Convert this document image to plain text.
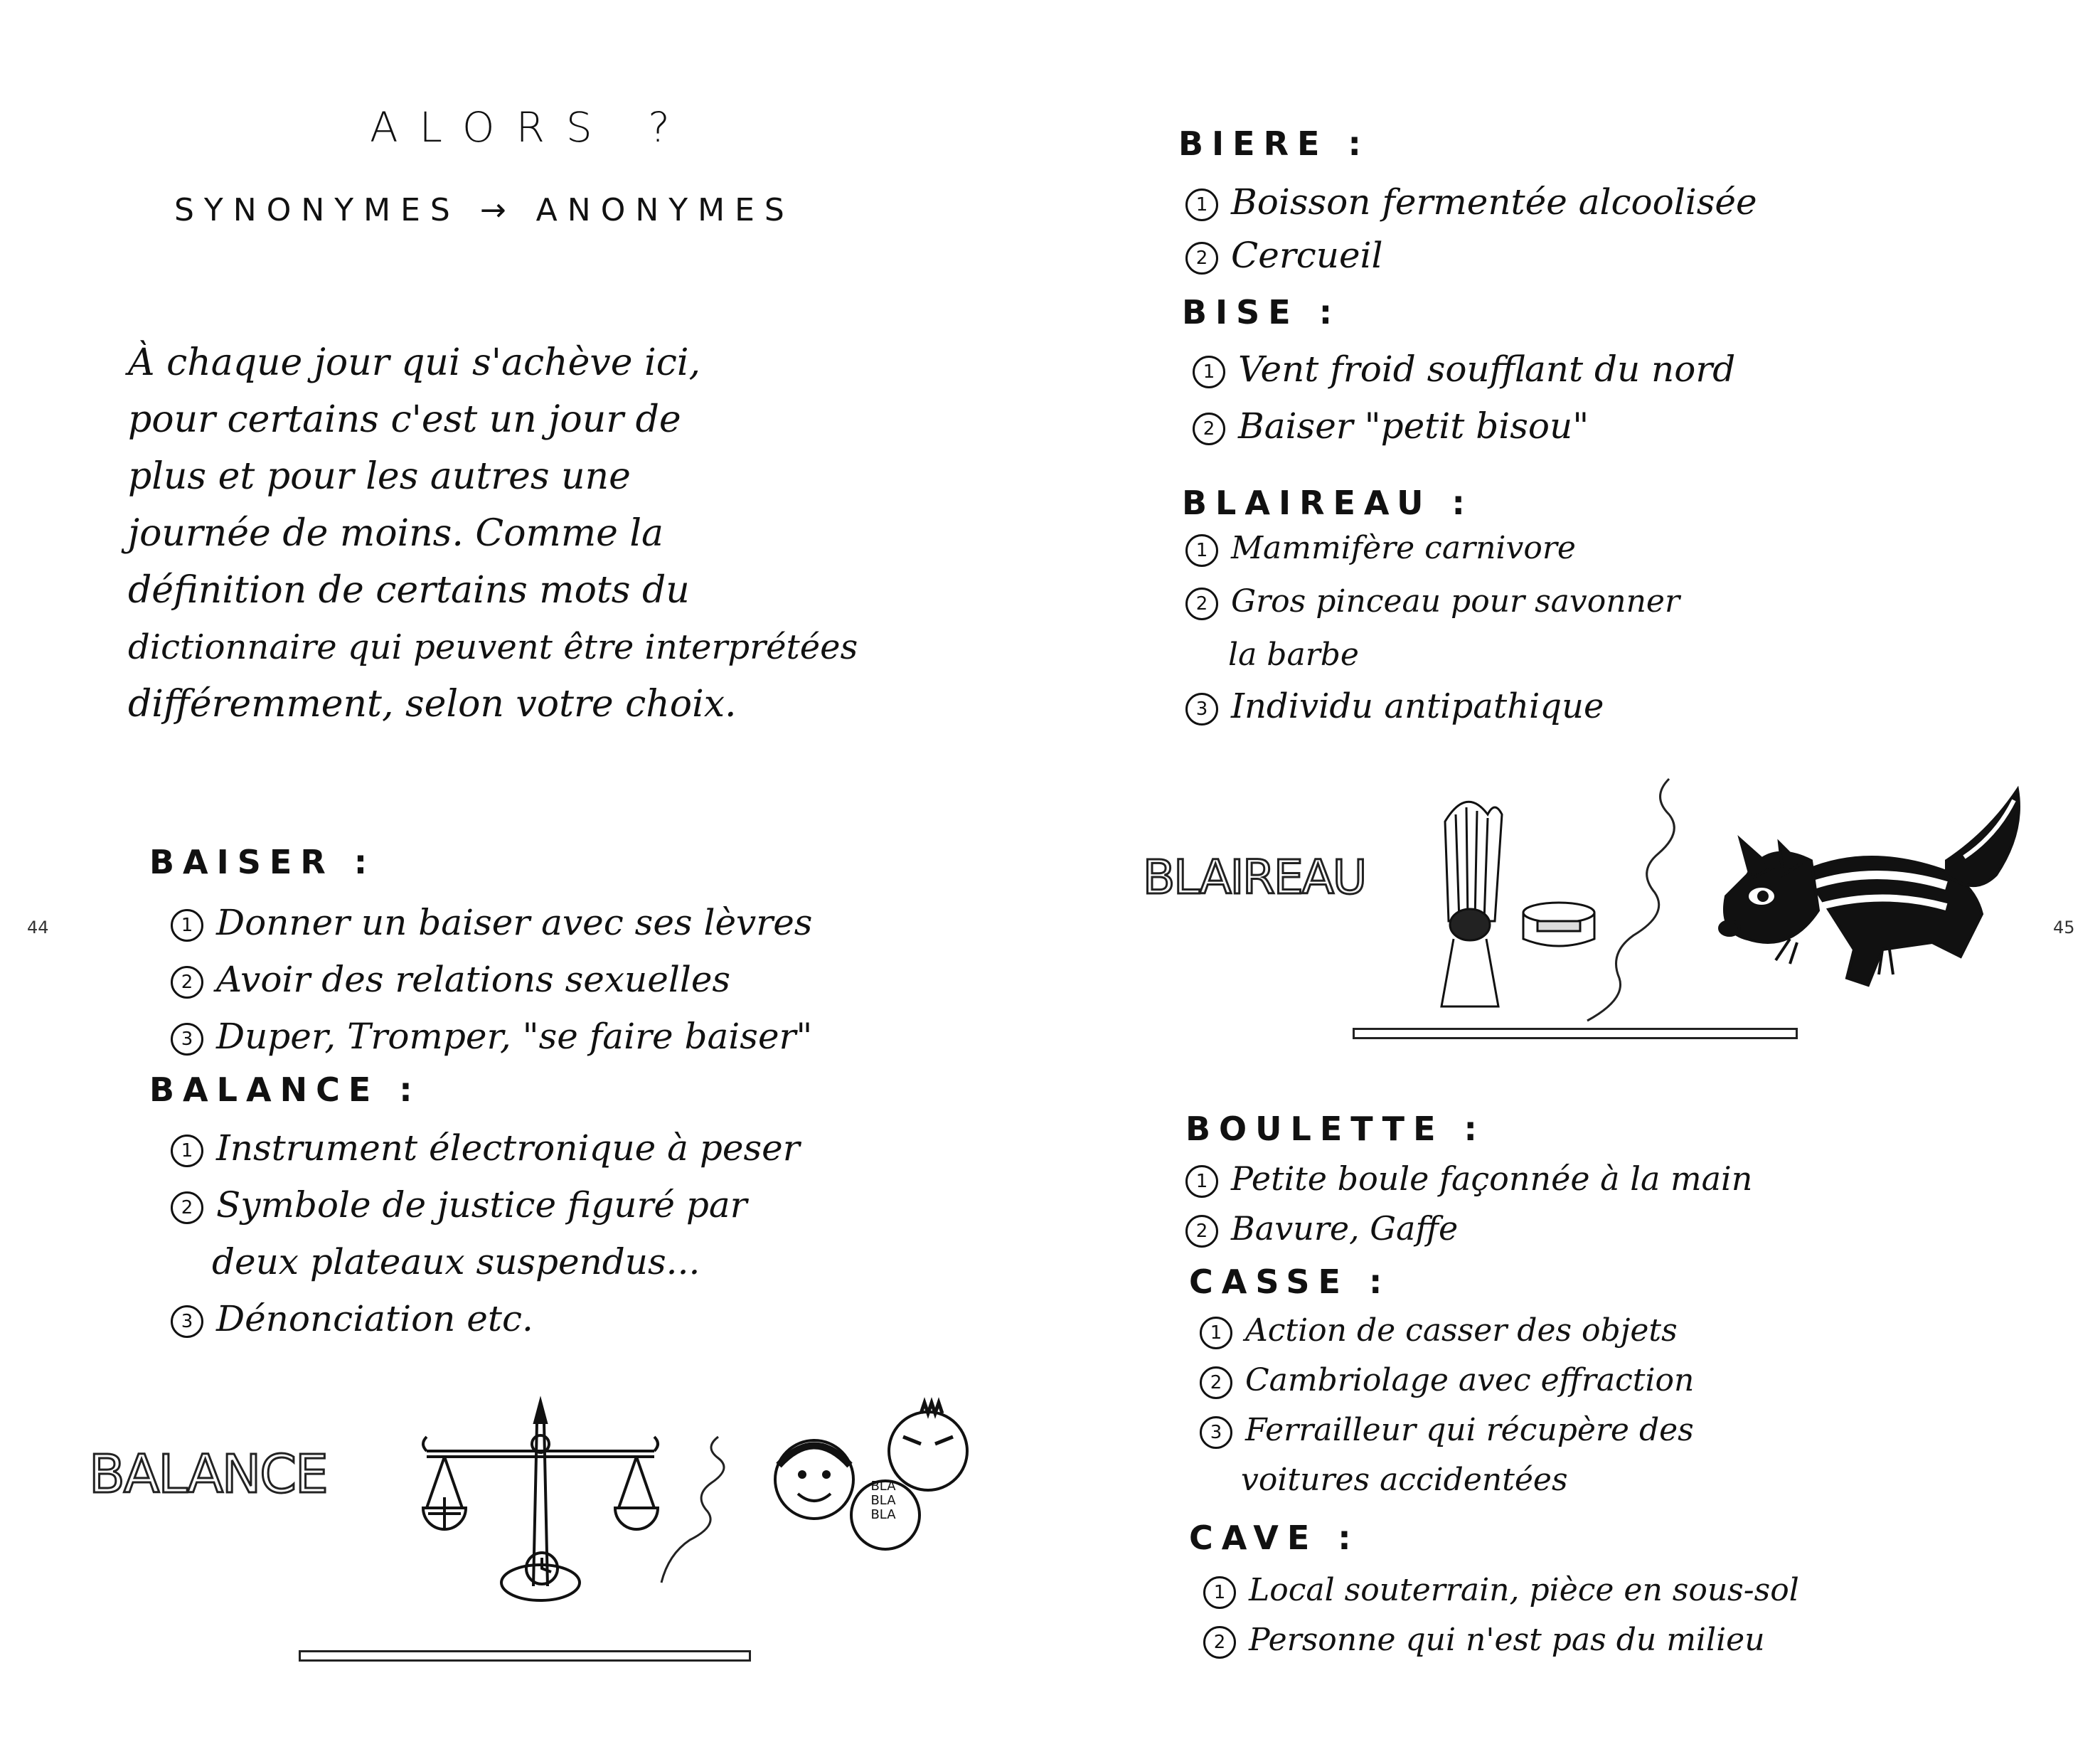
ALORS ?
SYNONYMES → ANONYMES
À chaque jour qui s'achève ici,
pour certains c'est un jour de
plus et pour les autres une
journée de moins. Comme la
définition de certains mots du
dictionnaire qui peuvent être interprétées
différemment, selon votre choix.
BAISER :
1 Donner un baiser avec ses lèvres
2 Avoir des relations sexuelles
3 Duper, Tromper, "se faire baiser"
BALANCE :
1 Instrument électronique à peser
2 Symbole de justice figuré par
deux plateaux suspendus...
3 Dénonciation etc.
BALANCE	BLA
BLA
BLA
44
BIERE :
1 Boisson fermentée alcoolisée
2 Cercueil
BISE :
1 Vent froid soufflant du nord
2 Baiser "petit bisou"
BLAIREAU :
1 Mammifère carnivore
2 Gros pinceau pour savonner
la barbe
3 Individu antipathique
BLAIREAU
BOULETTE :
1 Petite boule façonnée à la main
2 Bavure, Gaffe
CASSE :
1 Action de casser des objets
2 Cambriolage avec effraction
3 Ferrailleur qui récupère des
voitures accidentées
CAVE :
1 Local souterrain, pièce en sous-sol
2 Personne qui n'est pas du milieu
45
